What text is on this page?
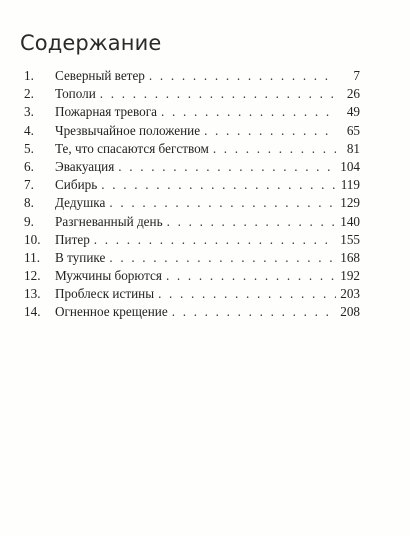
Содержание
1.	Северный ветер . . .	7
2.	Тополи . . .	26
3.	Пожарная тревога . . .	49
4.	Чрезвычайное положение . . .	65
5.	Те, что спасаются бегством . . .	81
6.	Эвакуация . . .	104
7.	Сибирь . . .	119
8.	Дедушка . . .	129
9.	Разгневанный день . . .	140
10.	Питер . . .	155
11.	В тупике . . .	168
12.	Мужчины борются . . .	192
13.	Проблеск истины . . .	203
14.	Огненное крещение . . .	208
